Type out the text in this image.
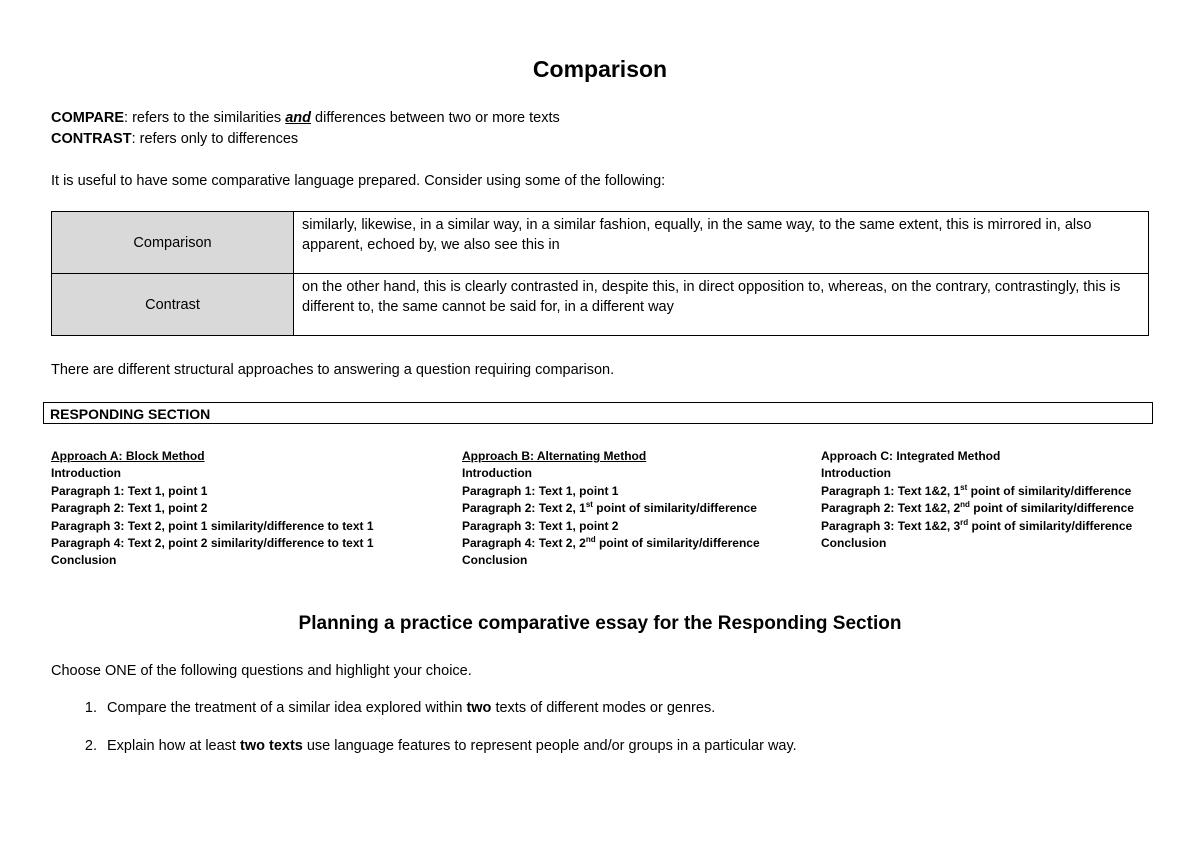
Comparison
COMPARE: refers to the similarities and differences between two or more texts
CONTRAST: refers only to differences
It is useful to have some comparative language prepared. Consider using some of the following:
Comparison	similarly, likewise, in a similar way, in a similar fashion, equally, in the same way, to the same extent, this is mirrored in, also apparent, echoed by, we also see this in
Contrast	on the other hand, this is clearly contrasted in, despite this, in direct opposition to, whereas, on the contrary, contrastingly, this is different to, the same cannot be said for, in a different way
There are different structural approaches to answering a question requiring comparison.
RESPONDING SECTION
Approach A: Block Method
Introduction
Paragraph 1: Text 1, point 1
Paragraph 2: Text 1, point 2
Paragraph 3: Text 2, point 1 similarity/difference to text 1
Paragraph 4: Text 2, point 2 similarity/difference to text 1
Conclusion
Approach B: Alternating Method
Introduction
Paragraph 1: Text 1, point 1
Paragraph 2: Text 2, 1st point of similarity/difference
Paragraph 3: Text 1, point 2
Paragraph 4: Text 2, 2nd point of similarity/difference
Conclusion
Approach C: Integrated Method
Introduction
Paragraph 1: Text 1&2, 1st point of similarity/difference
Paragraph 2: Text 1&2, 2nd point of similarity/difference
Paragraph 3: Text 1&2, 3rd point of similarity/difference
Conclusion
Planning a practice comparative essay for the Responding Section
Choose ONE of the following questions and highlight your choice.
1. Compare the treatment of a similar idea explored within two texts of different modes or genres.
2. Explain how at least two texts use language features to represent people and/or groups in a particular way.
